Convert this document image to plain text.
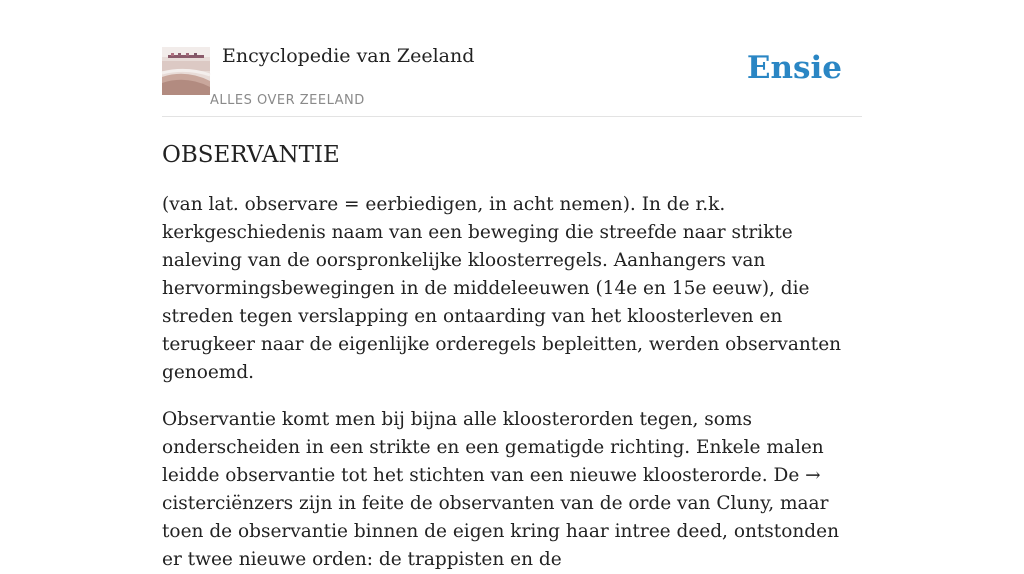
Encyclopedie van Zeeland
ALLES OVER ZEELAND
Ensie
OBSERVANTIE

(van lat. observare = eerbiedigen, in acht nemen). In de r.k. kerkgeschiedenis naam van een beweging die streefde naar strikte naleving van de oorspronkelijke kloosterregels. Aanhangers van hervormingsbewegingen in de middeleeuwen (14e en 15e eeuw), die streden tegen verslapping en ontaarding van het kloosterleven en terugkeer naar de eigenlijke orderegels bepleitten, werden observanten genoemd.

Observantie komt men bij bijna alle kloosterorden tegen, soms onderscheiden in een strikte en een gematigde richting. Enkele malen leidde observantie tot het stichten van een nieuwe kloosterorde. De → cisterciënzers zijn in feite de observanten van de orde van Cluny, maar toen de observantie binnen de eigen kring haar intree deed, ontstonden er twee nieuwe orden: de trappisten en de
